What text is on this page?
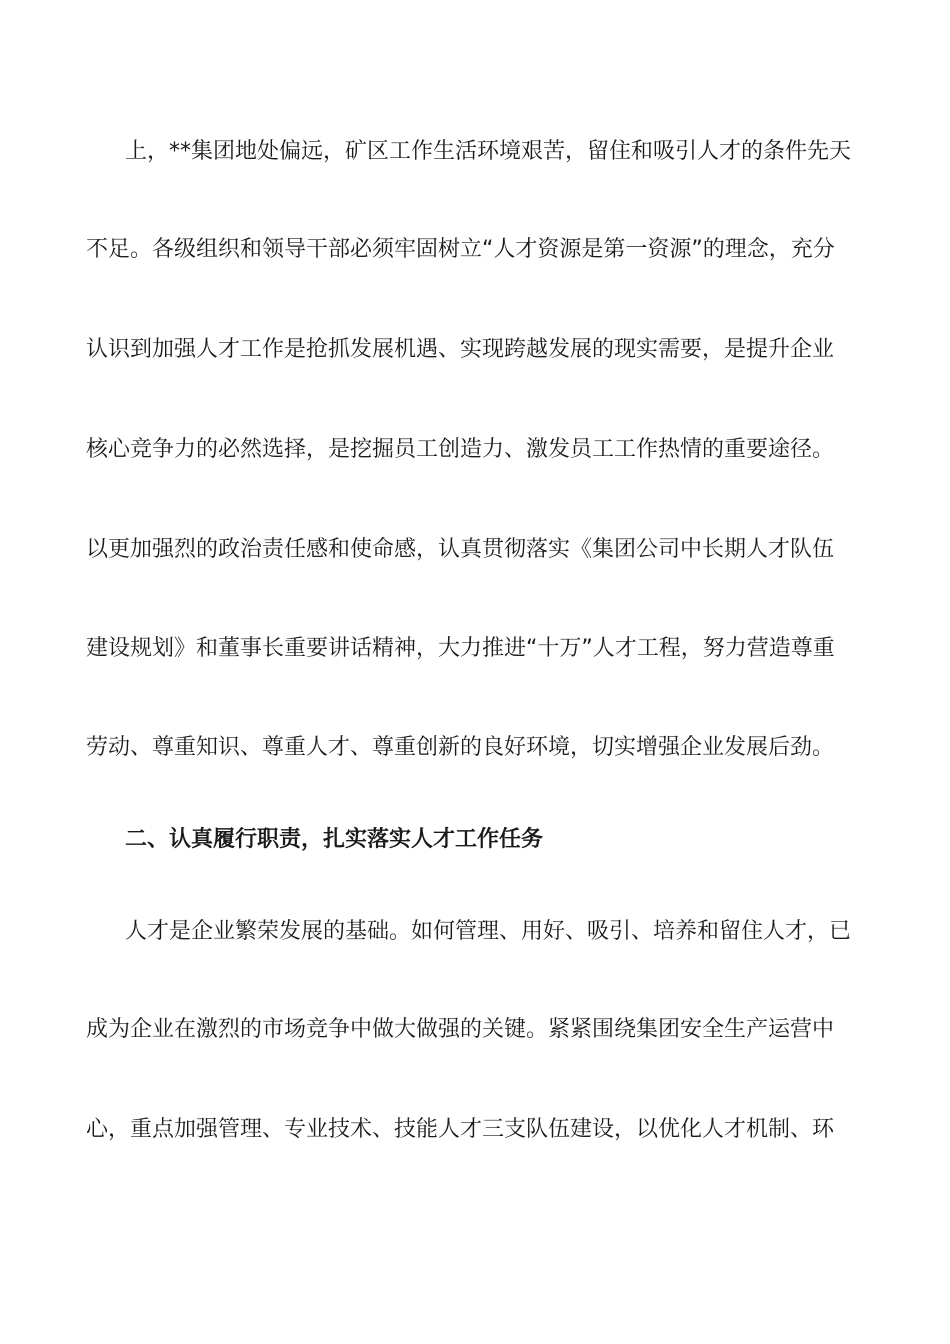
上，**集团地处偏远，矿区工作生活环境艰苦，留住和吸引人才的条件先天
不足。各级组织和领导干部必须牢固树立“人才资源是第一资源”的理念，充分
认识到加强人才工作是抢抓发展机遇、实现跨越发展的现实需要，是提升企业
核心竞争力的必然选择，是挖掘员工创造力、激发员工工作热情的重要途径。
以更加强烈的政治责任感和使命感，认真贯彻落实《集团公司中长期人才队伍
建设规划》和董事长重要讲话精神，大力推进“十万”人才工程，努力营造尊重
劳动、尊重知识、尊重人才、尊重创新的良好环境，切实增强企业发展后劲。
二、认真履行职责，扎实落实人才工作任务
人才是企业繁荣发展的基础。如何管理、用好、吸引、培养和留住人才，已
成为企业在激烈的市场竞争中做大做强的关键。紧紧围绕集团安全生产运营中
心，重点加强管理、专业技术、技能人才三支队伍建设，以优化人才机制、环
